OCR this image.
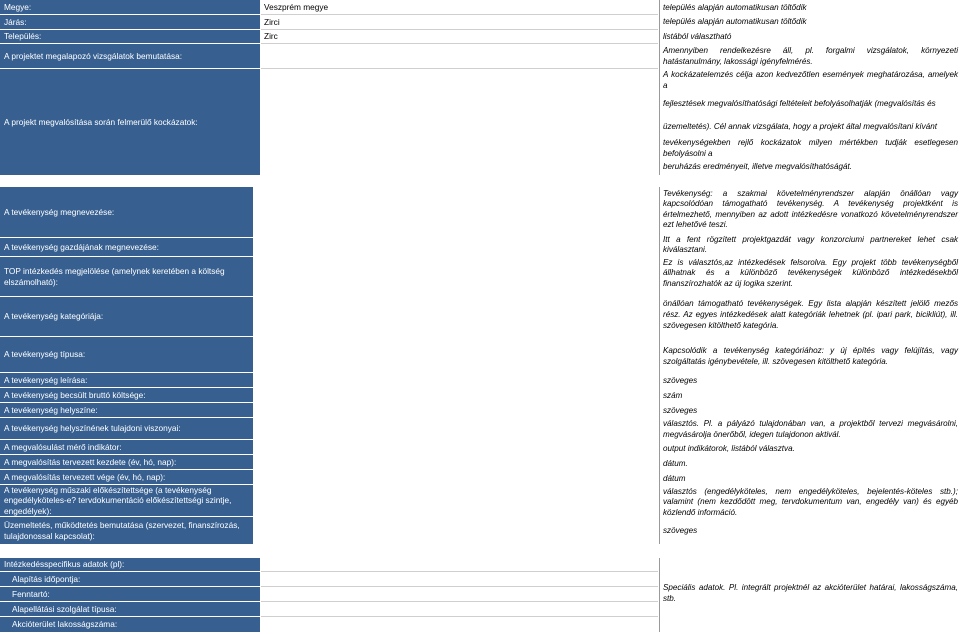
Megye:
Járás:
Település:
A projektet megalapozó vizsgálatok bemutatása:
A projekt megvalósítása során felmerülő kockázatok:
Veszprém megye
Zirci
Zirc
település alapján automatikusan töltődik
település alapján automatikusan töltődik
listából választható
Amennyiben rendelkezésre áll, pl. forgalmi vizsgálatok, környezeti hatástanulmány, lakossági igényfelmérés.
A kockázatelemzés célja azon kedvezőtlen események meghatározása, amelyek a
fejlesztések megvalósíthatósági feltételeit befolyásolhatják (megvalósítás és
üzemeltetés). Cél annak vizsgálata, hogy a projekt által megvalósítani kívánt
tevékenységekben rejlő kockázatok milyen mértékben tudják esetlegesen befolyásolni a
beruházás eredményeit, illetve megvalósíthatóságát.
A tevékenység megnevezése:
A tevékenység gazdájának megnevezése:
TOP intézkedés megjelölése (amelynek keretében a költség elszámolható):
A tevékenység kategóriája:
A tevékenység típusa:
A tevékenység leírása:
A tevékenység becsült bruttó költsége:
A tevékenység helyszíne:
A tevékenység helyszínének tulajdoni viszonyai:
A megvalósulást mérő indikátor:
A megvalósítás tervezett kezdete (év, hó, nap):
A megvalósítás tervezett vége (év, hó, nap):
A tevékenység műszaki előkészítettsége (a tevékenység engedélyköteles-e? tervdokumentáció előkészítettségi szintje, engedélyek):
Üzemeltetés, működtetés bemutatása (szervezet, finanszírozás, tulajdonossal kapcsolat):
Tevékenység: a szakmai követelményrendszer alapján önállóan vagy kapcsolódóan támogatható tevékenység. A tevékenység projektként is értelmezhető, mennyiben az adott intézkedésre vonatkozó követelményrendszer ezt lehetővé teszi.
Itt a fent rögzített projektgazdát vagy konzorciumi partnereket lehet csak kiválasztani.
Ez is választós,az intézkedések felsorolva. Egy projekt több tevékenységből állhatnak és a különböző tevékenységek különböző intézkedésekből finanszírozhatók az új logika szerint.
önállóan támogatható tevékenységek. Egy lista alapján készített jelölő mezős rész. Az egyes intézkedések alatt kategóriák lehetnek (pl. ipari park, bicikliút), ill. szövegesen kitölthető kategória.
Kapcsolódik a tevékenység kategóriához: y új építés vagy felújítás, vagy szolgáltatás igénybevétele, ill. szövegesen kitölthető kategória.
szöveges
szám
szöveges
választós. Pl. a pályázó tulajdonában van, a projektből tervezi megvásárolni, megvásárolja önerőből, idegen tulajdonon aktivál.
output indikátorok, listából választva.
dátum.
dátum
választós (engedélyköteles, nem engedélyköteles, bejelentés-köteles stb.); valamint (nem kezdődött meg, tervdokumentum van, engedély van) és egyéb közlendő információ.
szöveges
Intézkedésspecifikus adatok (pl):
Alapítás időpontja:
Fenntartó:
Alapellátási szolgálat típusa:
Akcióterület lakosságszáma:
Speciális adatok. Pl. integrált projektnél az akcióterület határai, lakosságszáma, stb.
